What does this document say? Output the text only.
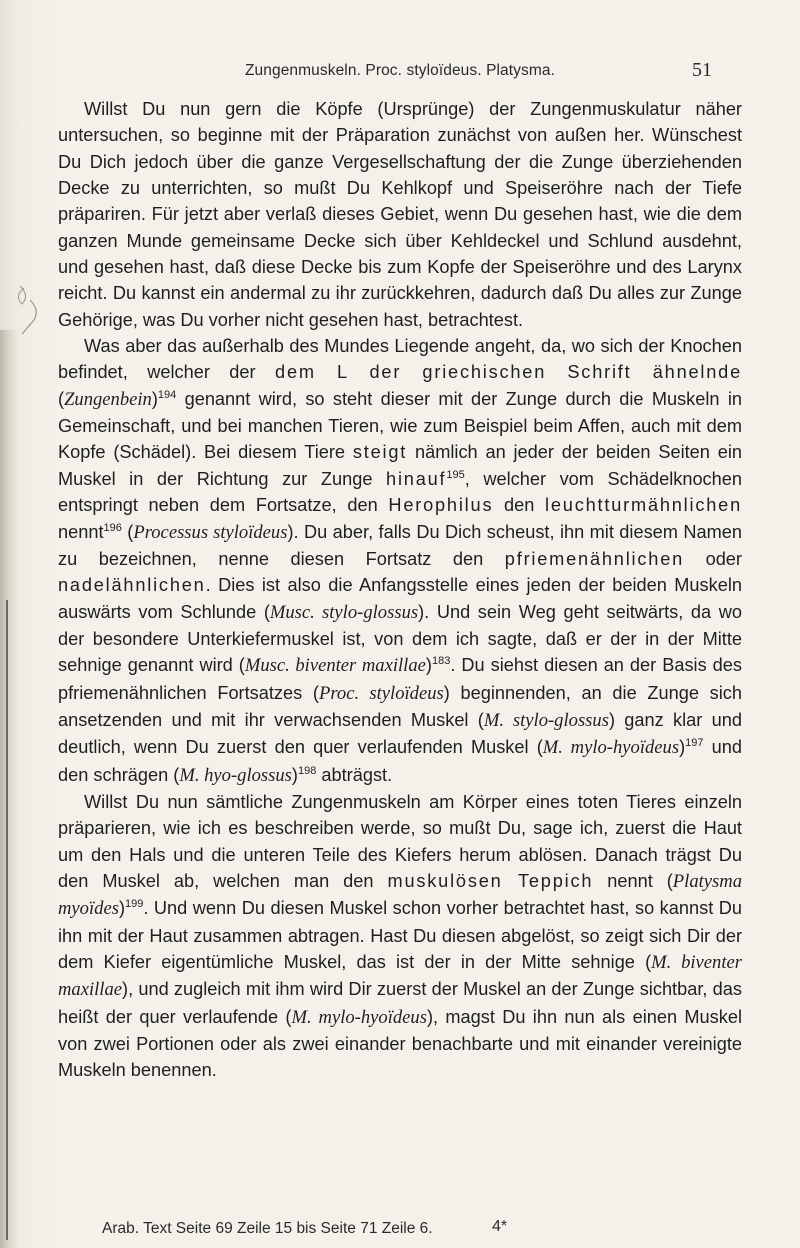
Zungenmuskeln. Proc. styloïdeus. Platysma.	51

Willst Du nun gern die Köpfe (Ursprünge) der Zungenmuskulatur näher untersuchen, so beginne mit der Präparation zunächst von außen her. Wünschest Du Dich jedoch über die ganze Vergesellschaftung der die Zunge überziehenden Decke zu unterrichten, so mußt Du Kehlkopf und Speiseröhre nach der Tiefe präpariren. Für jetzt aber verlaß dieses Gebiet, wenn Du gesehen hast, wie die dem ganzen Munde gemeinsame Decke sich über Kehldeckel und Schlund ausdehnt, und gesehen hast, daß diese Decke bis zum Kopfe der Speiseröhre und des Larynx reicht. Du kannst ein andermal zu ihr zurückkehren, dadurch daß Du alles zur Zunge Gehörige, was Du vorher nicht gesehen hast, betrachtest.

Was aber das außerhalb des Mundes Liegende angeht, da, wo sich der Knochen befindet, welcher der dem L der griechischen Schrift ähnelnde (Zungenbein)$^{194}$ genannt wird, so steht dieser mit der Zunge durch die Muskeln in Gemeinschaft, und bei manchen Tieren, wie zum Beispiel beim Affen, auch mit dem Kopfe (Schädel). Bei diesem Tiere steigt nämlich an jeder der beiden Seiten ein Muskel in der Richtung zur Zunge hinauf$^{195}$, welcher vom Schädelknochen entspringt neben dem Fortsatze, den Herophilus den leuchtturmähnlichen nennt$^{196}$ (Processus styloïdeus). Du aber, falls Du Dich scheust, ihn mit diesem Namen zu bezeichnen, nenne diesen Fortsatz den pfriemenähnlichen oder nadelähnlichen. Dies ist also die Anfangsstelle eines jeden der beiden Muskeln auswärts vom Schlunde (Musc. stylo-glossus). Und sein Weg geht seitwärts, da wo der besondere Unterkiefermuskel ist, von dem ich sagte, daß er der in der Mitte sehnige genannt wird (Musc. biventer maxillae)$^{183}$. Du siehst diesen an der Basis des pfriemenähnlichen Fortsatzes (Proc. styloïdeus) beginnenden, an die Zunge sich ansetzenden und mit ihr verwachsenden Muskel (M. stylo-glossus) ganz klar und deutlich, wenn Du zuerst den quer verlaufenden Muskel (M. mylo-hyoïdeus)$^{197}$ und den schrägen (M. hyo-glossus)$^{198}$ abträgst.

Willst Du nun sämtliche Zungenmuskeln am Körper eines toten Tieres einzeln präparieren, wie ich es beschreiben werde, so mußt Du, sage ich, zuerst die Haut um den Hals und die unteren Teile des Kiefers herum ablösen. Danach trägst Du den Muskel ab, welchen man den muskulösen Teppich nennt (Platysma myoïdes)$^{199}$. Und wenn Du diesen Muskel schon vorher betrachtet hast, so kannst Du ihn mit der Haut zusammen abtragen. Hast Du diesen abgelöst, so zeigt sich Dir der dem Kiefer eigentümliche Muskel, das ist der in der Mitte sehnige (M. biventer maxillae), und zugleich mit ihm wird Dir zuerst der Muskel an der Zunge sichtbar, das heißt der quer verlaufende (M. mylo-hyoïdeus), magst Du ihn nun als einen Muskel von zwei Portionen oder als zwei einander benachbarte und mit einander vereinigte Muskeln benennen.

Arab. Text Seite 69 Zeile 15 bis Seite 71 Zeile 6.	4*
